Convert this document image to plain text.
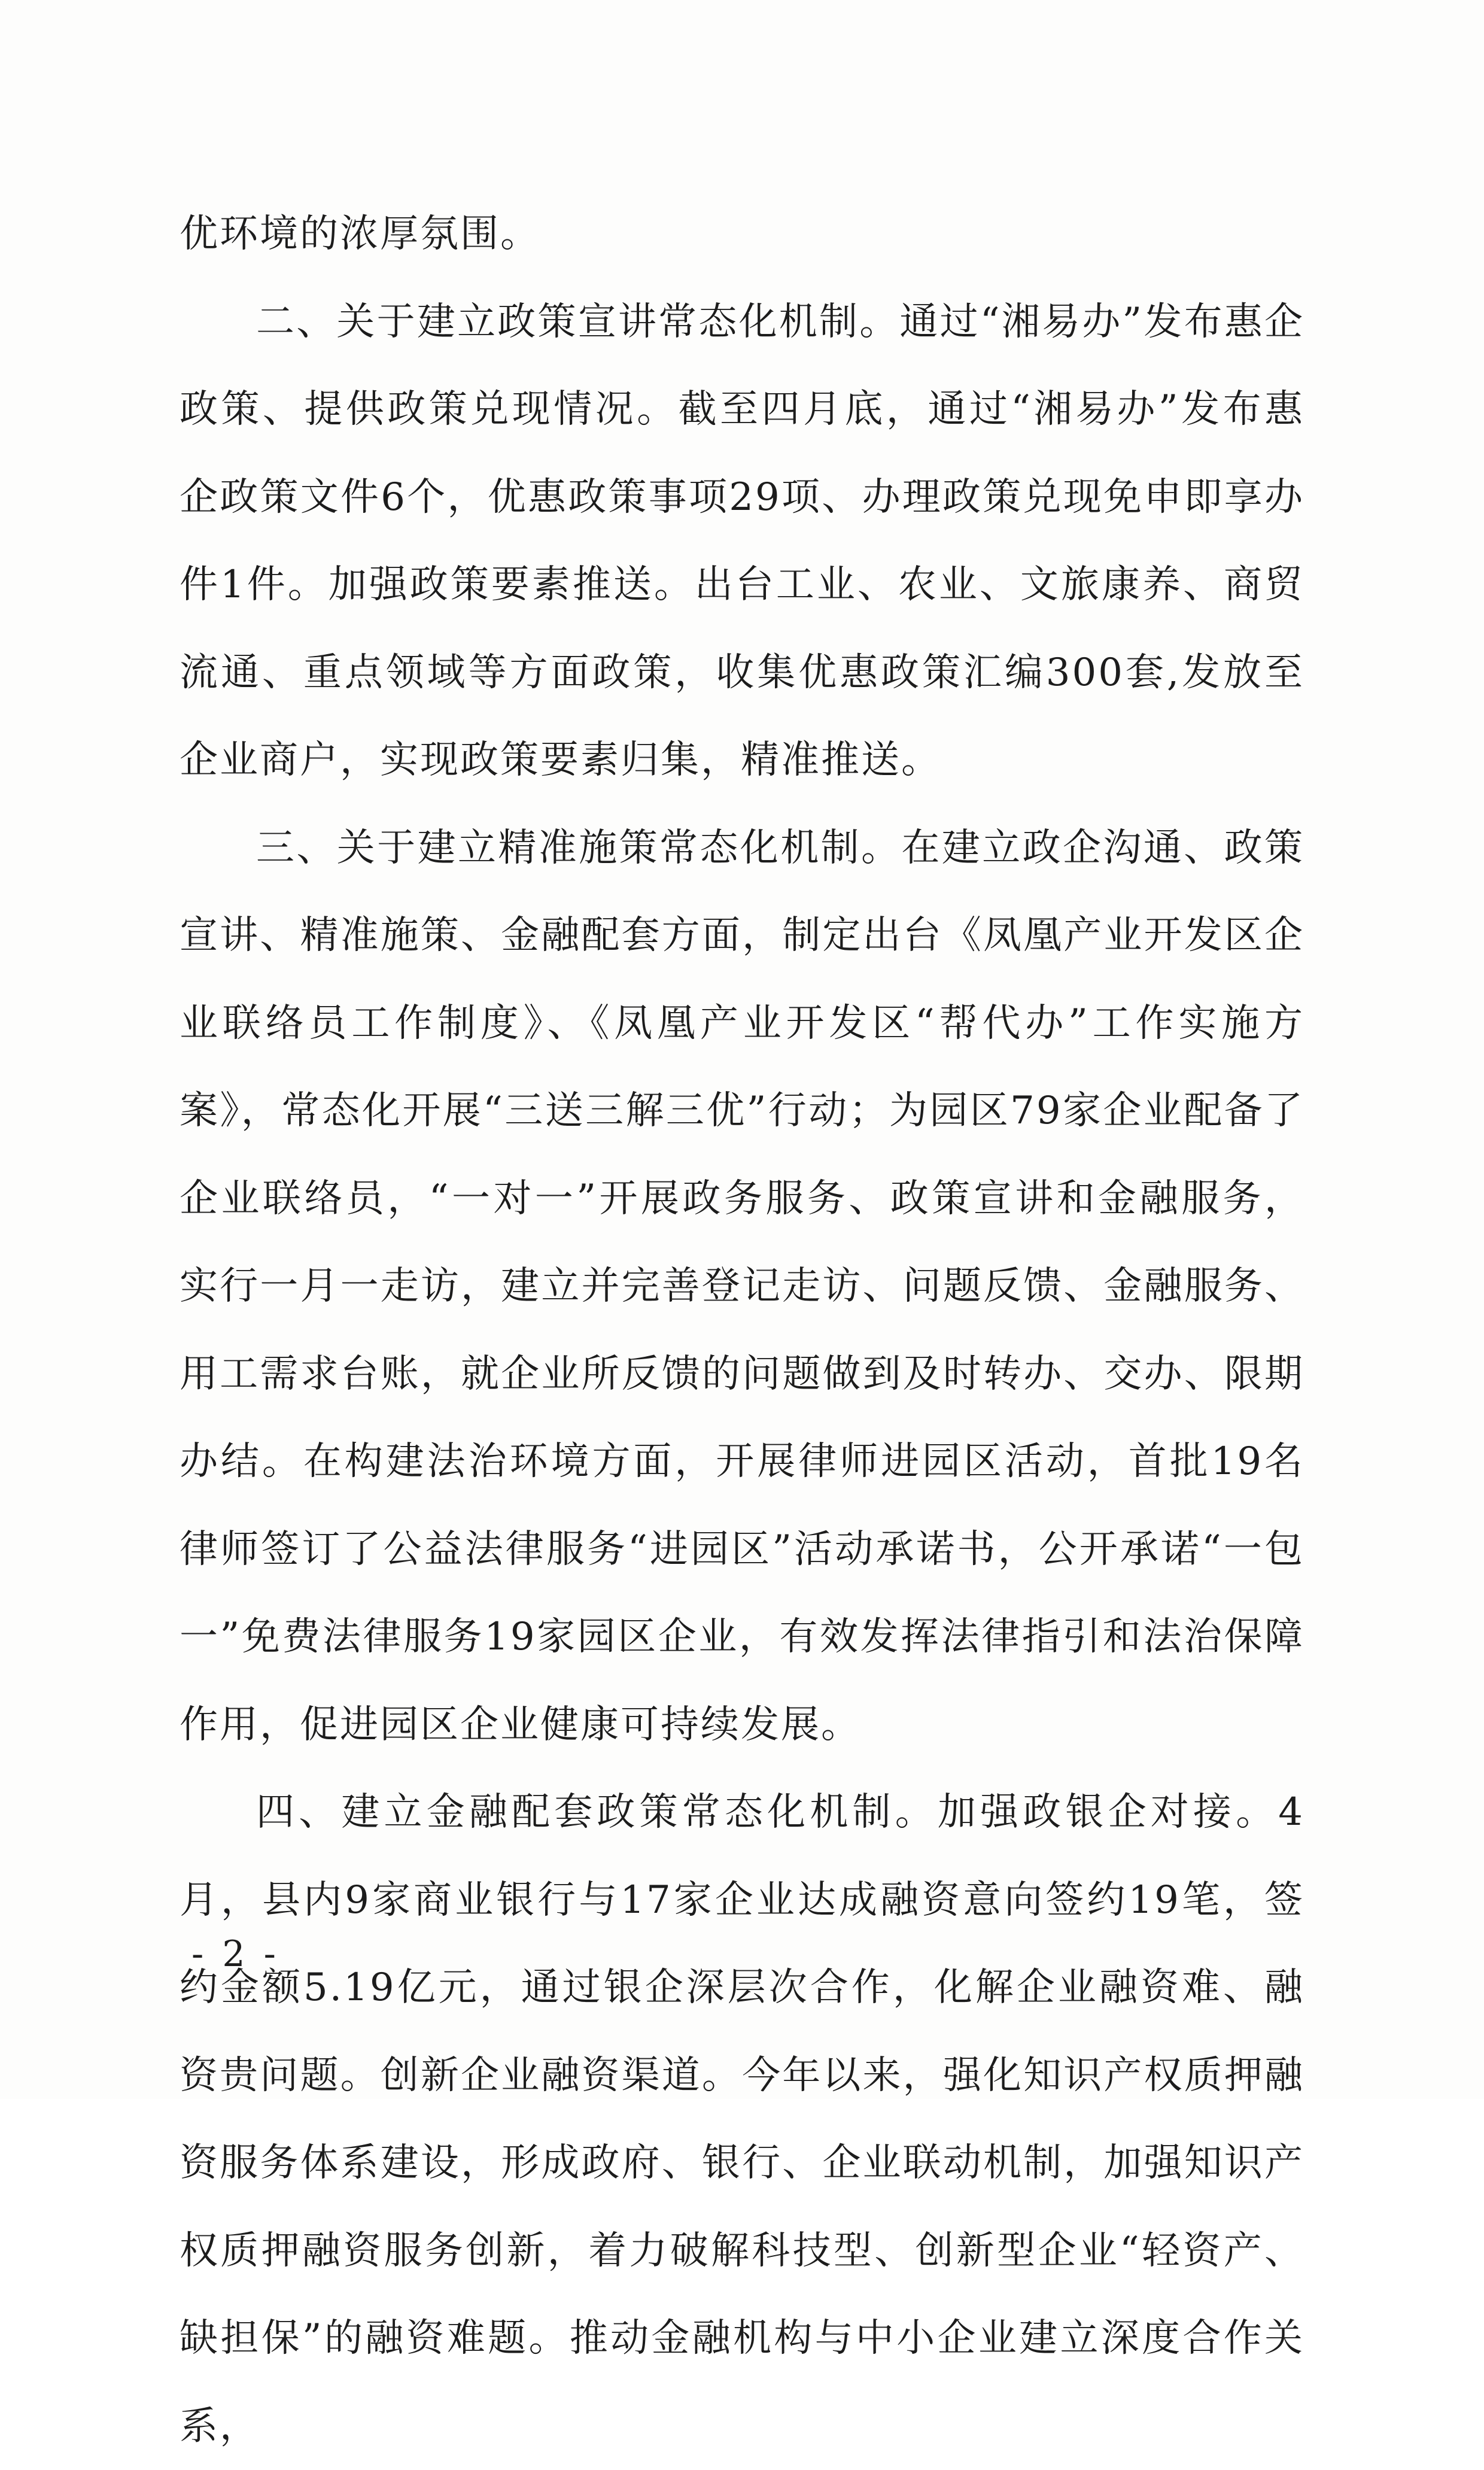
优环境的浓厚氛围。

二、关于建立政策宣讲常态化机制。通过“湘易办”发布惠企政策、提供政策兑现情况。截至四月底，通过“湘易办”发布惠企政策文件6个，优惠政策事项29项、办理政策兑现免申即享办件1件。加强政策要素推送。出台工业、农业、文旅康养、商贸流通、重点领域等方面政策，收集优惠政策汇编300套,发放至企业商户，实现政策要素归集，精准推送。

三、关于建立精准施策常态化机制。在建立政企沟通、政策宣讲、精准施策、金融配套方面，制定出台《凤凰产业开发区企业联络员工作制度》、《凤凰产业开发区“帮代办”工作实施方案》，常态化开展“三送三解三优”行动；为园区79家企业配备了企业联络员，“一对一”开展政务服务、政策宣讲和金融服务，实行一月一走访，建立并完善登记走访、问题反馈、金融服务、用工需求台账，就企业所反馈的问题做到及时转办、交办、限期办结。在构建法治环境方面，开展律师进园区活动，首批19名律师签订了公益法律服务“进园区”活动承诺书，公开承诺“一包一”免费法律服务19家园区企业，有效发挥法律指引和法治保障作用，促进园区企业健康可持续发展。

四、建立金融配套政策常态化机制。加强政银企对接。4月，县内9家商业银行与17家企业达成融资意向签约19笔，签约金额5.19亿元，通过银企深层次合作，化解企业融资难、融资贵问题。创新企业融资渠道。今年以来，强化知识产权质押融资服务体系建设，形成政府、银行、企业联动机制，加强知识产权质押融资服务创新，着力破解科技型、创新型企业“轻资产、缺担保”的融资难题。推动金融机构与中小企业建立深度合作关系，

- 2 -
